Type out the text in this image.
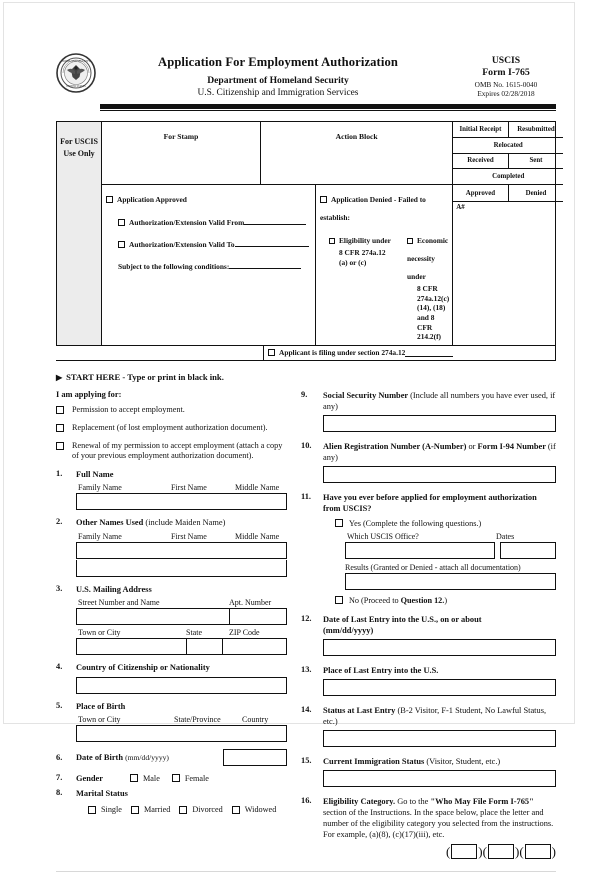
HOMELAND SECURITY
UNITED STATES
Application For Employment Authorization
Department of Homeland Security
U.S. Citizenship and Immigration Services
USCIS
Form I-765
OMB No. 1615-0040
Expires 02/28/2018
For USCIS Use Only
For Stamp	Action Block
Initial Receipt	Resubmitted
Relocated
Received	Sent
Completed
Application Approved
Authorization/Extension Valid From
Authorization/Extension Valid To
Subject to the following conditions:
Application Denied - Failed to establish:
Eligibility under
8 CFR 274a.12
(a) or (c)
Economic necessity under
8 CFR 274a.12(c)(14), (18)
and 8 CFR 214.2(f)
Approved	Denied
A#
Applicant is filing under section 274a.12
▶ START HERE - Type or print in black ink.
I am applying for:
Permission to accept employment.
Replacement (of lost employment authorization document).
Renewal of my permission to accept employment (attach a copy of your previous employment authorization document).
1.	Full Name
Family Name	First Name	Middle Name
2.	Other Names Used (include Maiden Name)
Family Name	First Name	Middle Name
3.	U.S. Mailing Address
Street Number and Name	Apt. Number
Town or City	State	ZIP Code
4.	Country of Citizenship or Nationality
5.	Place of Birth
Town or City	State/Province	Country
6.	Date of Birth (mm/dd/yyyy)
7.	Gender	Male	Female
8.	Marital Status
Single	Married	Divorced	Widowed
9.	Social Security Number (Include all numbers you have ever used, if any)
10.	Alien Registration Number (A-Number) or Form I-94 Number (if any)
11.	Have you ever before applied for employment authorization from USCIS?
Yes (Complete the following questions.)
Which USCIS Office?	Dates
Results (Granted or Denied - attach all documentation)
No (Proceed to Question 12.)
12.	Date of Last Entry into the U.S., on or about
(mm/dd/yyyy)
13.	Place of Last Entry into the U.S.
14.	Status at Last Entry (B-2 Visitor, F-1 Student, No Lawful Status, etc.)
15.	Current Immigration Status (Visitor, Student, etc.)
16.	Eligibility Category. Go to the "Who May File Form I-765" section of the Instructions. In the space below, place the letter and number of the eligibility category you selected from the instructions. For example, (a)(8), (c)(17)(iii), etc.
( ) ( ) ( )
